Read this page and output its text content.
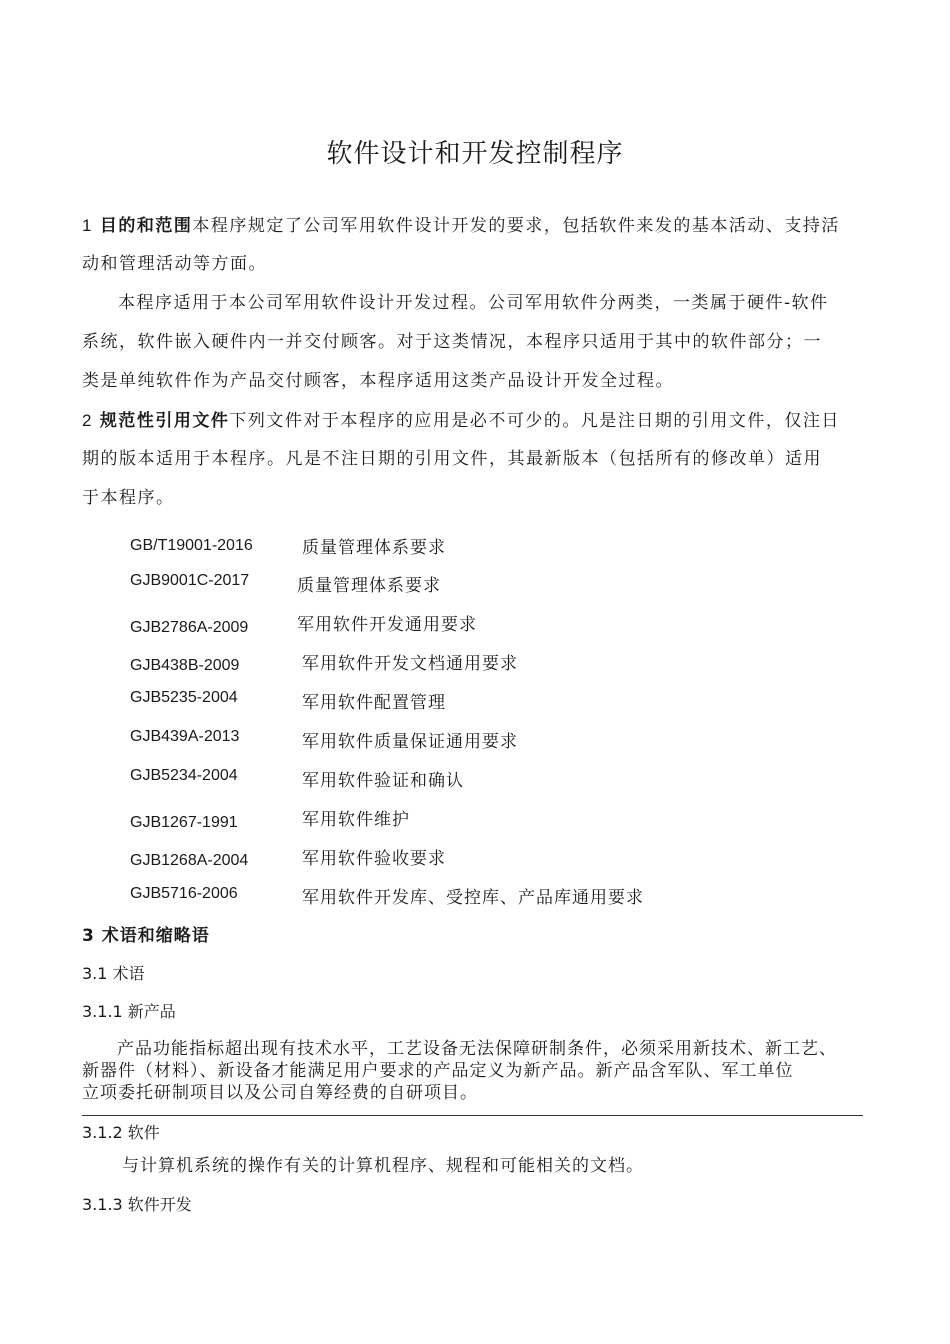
软件设计和开发控制程序
1 目的和范围本程序规定了公司军用软件设计开发的要求，包括软件来发的基本活动、支持活
动和管理活动等方面。
本程序适用于本公司军用软件设计开发过程。公司军用软件分两类，一类属于硬件-软件
系统，软件嵌入硬件内一并交付顾客。对于这类情况，本程序只适用于其中的软件部分；一
类是单纯软件作为产品交付顾客，本程序适用这类产品设计开发全过程。
2 规范性引用文件下列文件对于本程序的应用是必不可少的。凡是注日期的引用文件，仅注日
期的版本适用于本程序。凡是不注日期的引用文件，其最新版本（包括所有的修改单）适用
于本程序。
GB/T19001-2016	质量管理体系要求
GJB9001C-2017	质量管理体系要求
GJB2786A-2009	军用软件开发通用要求
GJB438B-2009	军用软件开发文档通用要求
GJB5235-2004	军用软件配置管理
GJB439A-2013	军用软件质量保证通用要求
GJB5234-2004	军用软件验证和确认
GJB1267-1991	军用软件维护
GJB1268A-2004	军用软件验收要求
GJB5716-2006	军用软件开发库、受控库、产品库通用要求
3 术语和缩略语
3.1 术语
3.1.1 新产品
产品功能指标超出现有技术水平，工艺设备无法保障研制条件，必须采用新技术、新工艺、
新器件（材料）、新设备才能满足用户要求的产品定义为新产品。新产品含军队、军工单位
立项委托研制项目以及公司自筹经费的自研项目。
3.1.2 软件
与计算机系统的操作有关的计算机程序、规程和可能相关的文档。
3.1.3 软件开发
